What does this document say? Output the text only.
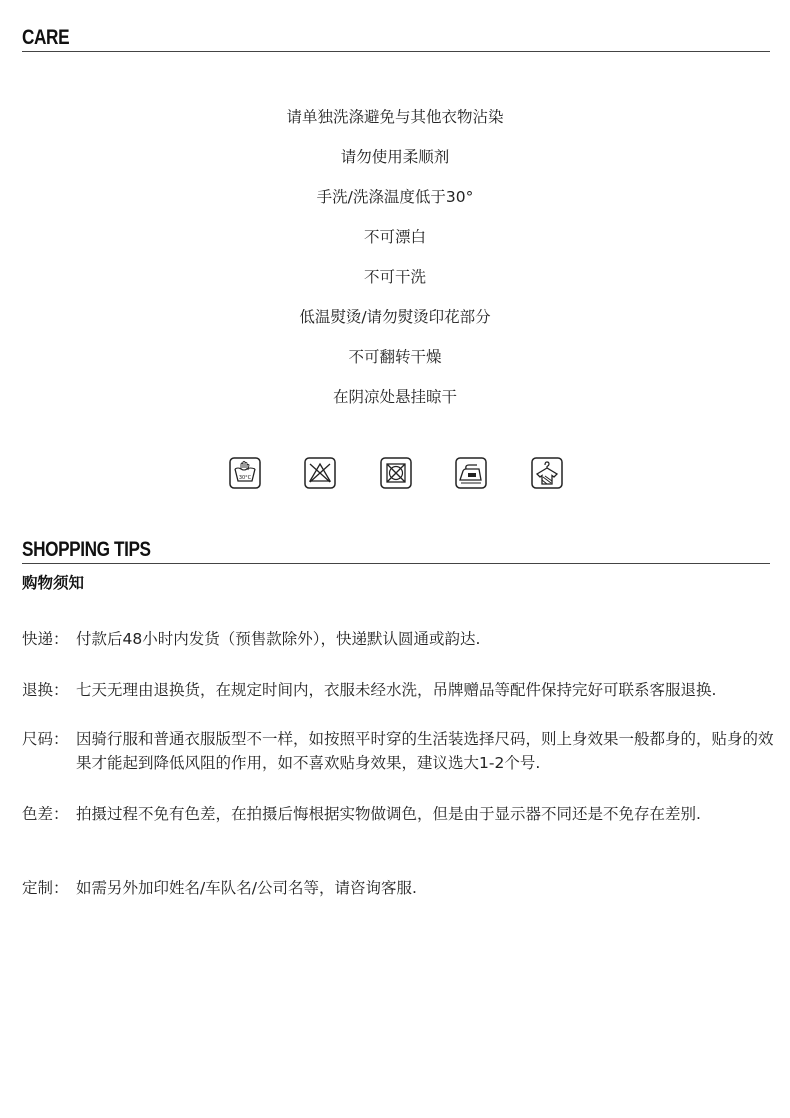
CARE
请单独洗涤避免与其他衣物沾染
请勿使用柔顺剂
手洗/洗涤温度低于30°
不可漂白
不可干洗
低温熨烫/请勿熨烫印花部分
不可翻转干燥
在阴凉处悬挂晾干
30°C
SHOPPING TIPS
购物须知
快递： 付款后48小时内发货（预售款除外），快递默认圆通或韵达.
退换： 七天无理由退换货，在规定时间内，衣服未经水洗，吊牌赠品等配件保持完好可联系客服退换.
尺码： 因骑行服和普通衣服版型不一样，如按照平时穿的生活装选择尺码，则上身效果一般都身的，贴身的效果才能起到降低风阻的作用，如不喜欢贴身效果，建议选大1-2个号.
色差： 拍摄过程不免有色差，在拍摄后悔根据实物做调色，但是由于显示器不同还是不免存在差别.
定制： 如需另外加印姓名/车队名/公司名等，请咨询客服.
